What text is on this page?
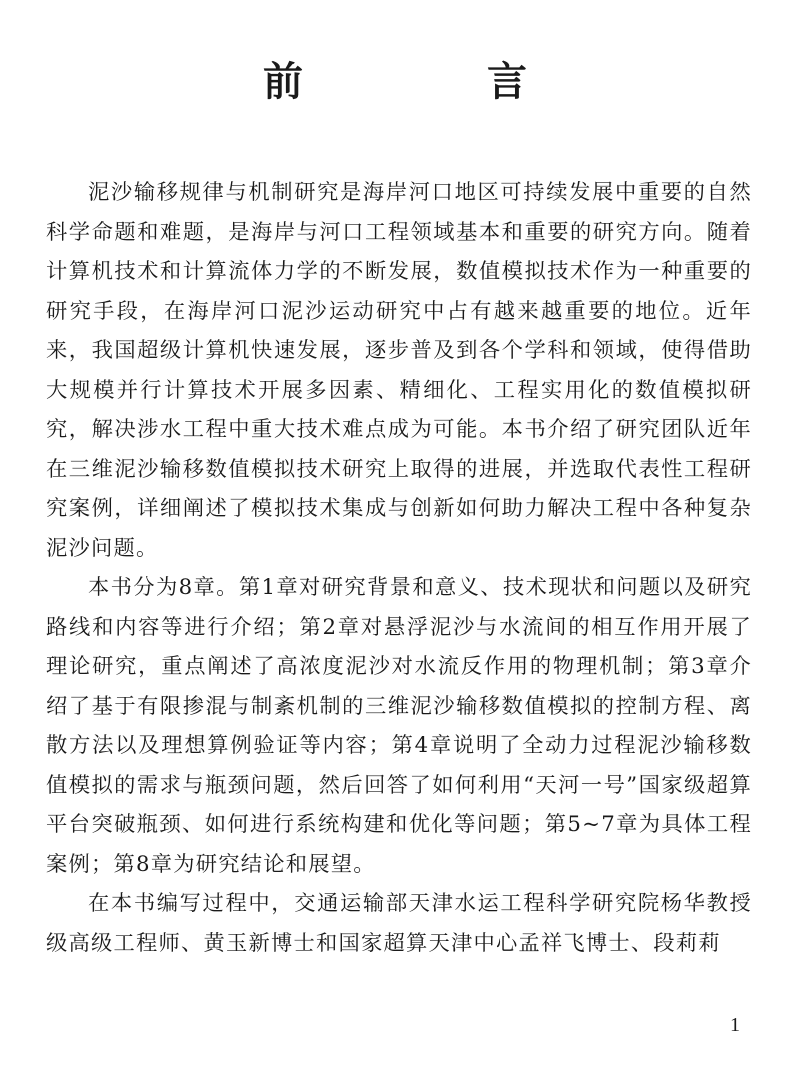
前　言

泥沙输移规律与机制研究是海岸河口地区可持续发展中重要的自然科学命题和难题，是海岸与河口工程领域基本和重要的研究方向。随着计算机技术和计算流体力学的不断发展，数值模拟技术作为一种重要的研究手段，在海岸河口泥沙运动研究中占有越来越重要的地位。近年来，我国超级计算机快速发展，逐步普及到各个学科和领域，使得借助大规模并行计算技术开展多因素、精细化、工程实用化的数值模拟研究，解决涉水工程中重大技术难点成为可能。本书介绍了研究团队近年在三维泥沙输移数值模拟技术研究上取得的进展，并选取代表性工程研究案例，详细阐述了模拟技术集成与创新如何助力解决工程中各种复杂泥沙问题。

本书分为8章。第1章对研究背景和意义、技术现状和问题以及研究路线和内容等进行介绍；第2章对悬浮泥沙与水流间的相互作用开展了理论研究，重点阐述了高浓度泥沙对水流反作用的物理机制；第3章介绍了基于有限掺混与制紊机制的三维泥沙输移数值模拟的控制方程、离散方法以及理想算例验证等内容；第4章说明了全动力过程泥沙输移数值模拟的需求与瓶颈问题，然后回答了如何利用“天河一号”国家级超算平台突破瓶颈、如何进行系统构建和优化等问题；第5~7章为具体工程案例；第8章为研究结论和展望。

在本书编写过程中，交通运输部天津水运工程科学研究院杨华教授级高级工程师、黄玉新博士和国家超算天津中心孟祥飞博士、段莉莉

1
